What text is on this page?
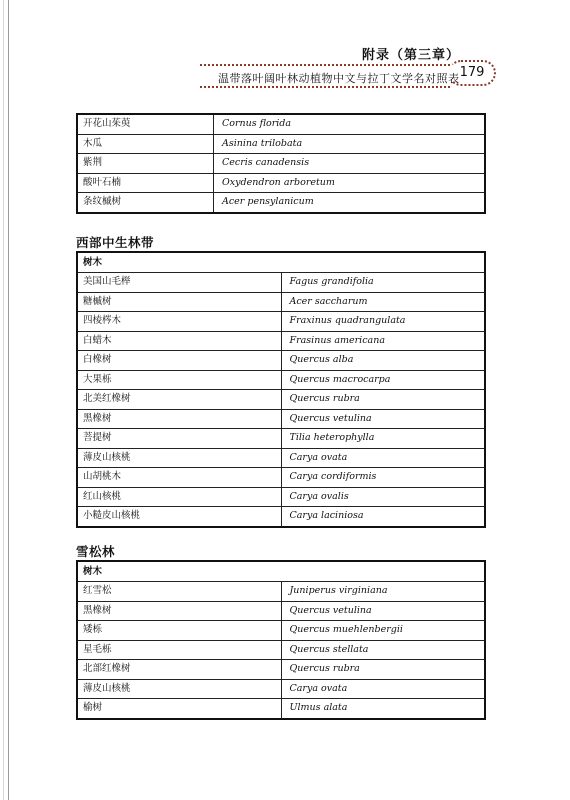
附录（第三章）
温带落叶阔叶林动植物中文与拉丁文学名对照表 179
开花山茱萸	Cornus florida
木瓜	Asinina trilobata
紫荆	Cecris canadensis
酸叶石楠	Oxydendron arboretum
条纹槭树	Acer pensylanicum
西部中生林带
树木	
美国山毛榉	Fagus grandifolia
糖槭树	Acer saccharum
四棱梣木	Fraxinus quadrangulata
白蜡木	Frasinus americana
白橡树	Quercus alba
大果栎	Quercus macrocarpa
北美红橡树	Quercus rubra
黑橡树	Quercus vetulina
菩提树	Tilia heterophylla
薄皮山核桃	Carya ovata
山胡桃木	Carya cordiformis
红山核桃	Carya ovalis
小糙皮山核桃	Carya laciniosa
雪松林
树木	
红雪松	Juniperus virginiana
黑橡树	Quercus vetulina
矮栎	Quercus muehlenbergii
星毛栎	Quercus stellata
北部红橡树	Quercus rubra
薄皮山核桃	Carya ovata
榆树	Ulmus alata
